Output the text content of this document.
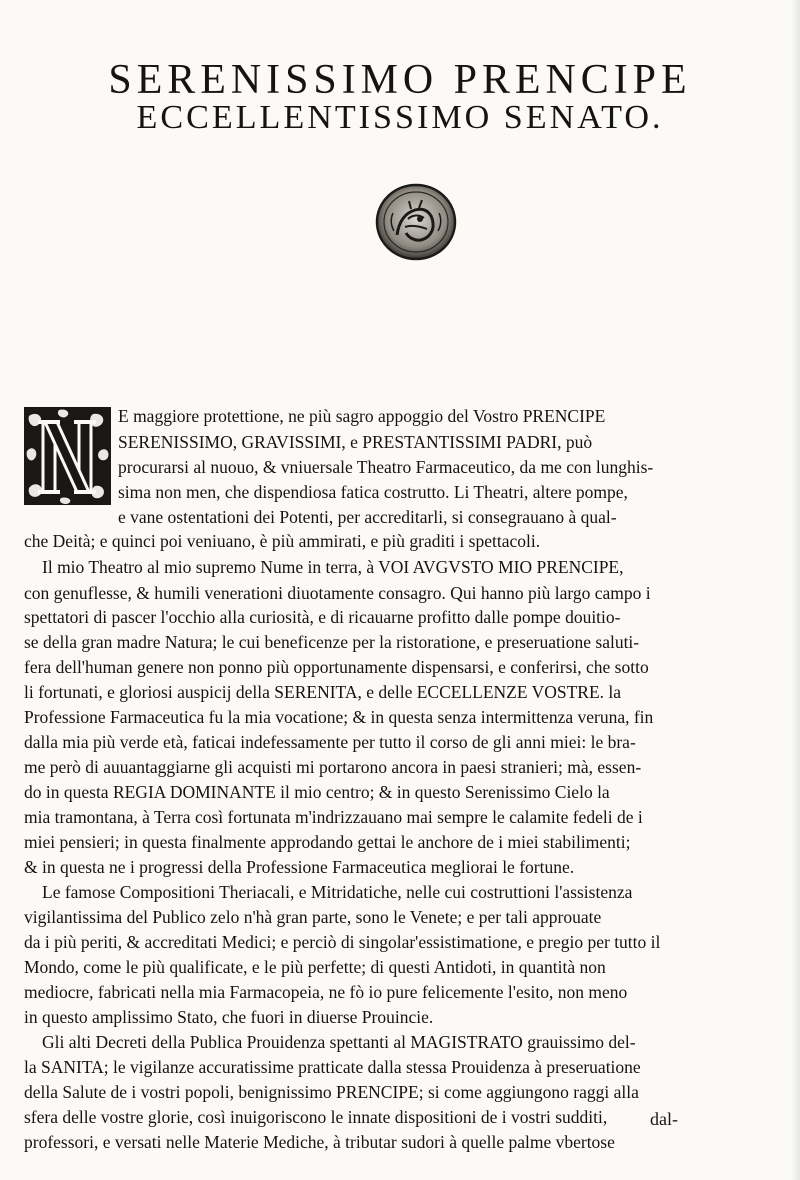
SERENISSIMO PRENCIPE
ECCELLENTISSIMO SENATO.

E maggiore protettione, ne più sagro appoggio del Vostro PRENCIPE

SERENISSIMO, GRAVISSIMI, e PRESTANTISSIMI PADRI, può

procurarsi al nuouo, & vniuersale Theatro Farmaceutico, da me con lunghis-

sima non men, che dispendiosa fatica costrutto. Li Theatri, altere pompe,

e vane ostentationi dei Potenti, per accreditarli, si consegrauano à qual-

che Deità; e quinci poi veniuano, è più ammirati, e più graditi i spettacoli.

Il mio Theatro al mio supremo Nume in terra, à VOI AVGVSTO MIO PRENCIPE,

con genuflesse, & humili venerationi diuotamente consagro. Qui hanno più largo campo i

spettatori di pascer l'occhio alla curiosità, e di ricauarne profitto dalle pompe douitio-

se della gran madre Natura; le cui beneficenze per la ristoratione, e preseruatione saluti-

fera dell'human genere non ponno più opportunamente dispensarsi, e conferirsi, che sotto

li fortunati, e gloriosi auspicij della SERENITA, e delle ECCELLENZE VOSTRE. la

Professione Farmaceutica fu la mia vocatione; & in questa senza intermittenza veruna, fin

dalla mia più verde età, faticai indefessamente per tutto il corso de gli anni miei: le bra-

me però di auuantaggiarne gli acquisti mi portarono ancora in paesi stranieri; mà, essen-

do in questa REGIA DOMINANTE il mio centro; & in questo Serenissimo Cielo la

mia tramontana, à Terra così fortunata m'indrizzauano mai sempre le calamite fedeli de i

miei pensieri; in questa finalmente approdando gettai le anchore de i miei stabilimenti;

& in questa ne i progressi della Professione Farmaceutica megliorai le fortune.

Le famose Compositioni Theriacali, e Mitridatiche, nelle cui costruttioni l'assistenza

vigilantissima del Publico zelo n'hà gran parte, sono le Venete; e per tali approuate

da i più periti, & accreditati Medici; e perciò di singolar'essistimatione, e pregio per tutto il

Mondo, come le più qualificate, e le più perfette; di questi Antidoti, in quantità non

mediocre, fabricati nella mia Farmacopeia, ne fò io pure felicemente l'esito, non meno

in questo amplissimo Stato, che fuori in diuerse Prouincie.

Gli alti Decreti della Publica Prouidenza spettanti al MAGISTRATO grauissimo del-

la SANITA; le vigilanze accuratissime pratticate dalla stessa Prouidenza à preseruatione

della Salute de i vostri popoli, benignissimo PRENCIPE; si come aggiungono raggi alla

sfera delle vostre glorie, così inuigoriscono le innate dispositioni de i vostri sudditi,

professori, e versati nelle Materie Mediche, à tributar sudori à quelle palme vbertose

dal-
